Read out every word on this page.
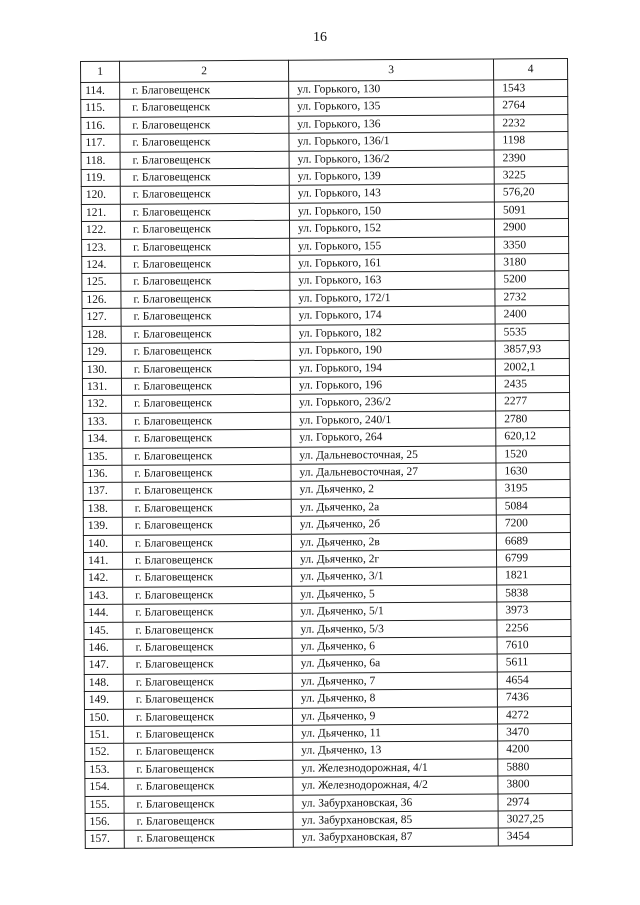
16
1	2	3	4
114.	г. Благовещенск	ул. Горького, 130	1543
115.	г. Благовещенск	ул. Горького, 135	2764
116.	г. Благовещенск	ул. Горького, 136	2232
117.	г. Благовещенск	ул. Горького, 136/1	1198
118.	г. Благовещенск	ул. Горького, 136/2	2390
119.	г. Благовещенск	ул. Горького, 139	3225
120.	г. Благовещенск	ул. Горького, 143	576,20
121.	г. Благовещенск	ул. Горького, 150	5091
122.	г. Благовещенск	ул. Горького, 152	2900
123.	г. Благовещенск	ул. Горького, 155	3350
124.	г. Благовещенск	ул. Горького, 161	3180
125.	г. Благовещенск	ул. Горького, 163	5200
126.	г. Благовещенск	ул. Горького, 172/1	2732
127.	г. Благовещенск	ул. Горького, 174	2400
128.	г. Благовещенск	ул. Горького, 182	5535
129.	г. Благовещенск	ул. Горького, 190	3857,93
130.	г. Благовещенск	ул. Горького, 194	2002,1
131.	г. Благовещенск	ул. Горького, 196	2435
132.	г. Благовещенск	ул. Горького, 236/2	2277
133.	г. Благовещенск	ул. Горького, 240/1	2780
134.	г. Благовещенск	ул. Горького, 264	620,12
135.	г. Благовещенск	ул. Дальневосточная, 25	1520
136.	г. Благовещенск	ул. Дальневосточная, 27	1630
137.	г. Благовещенск	ул. Дьяченко, 2	3195
138.	г. Благовещенск	ул. Дьяченко, 2а	5084
139.	г. Благовещенск	ул. Дьяченко, 2б	7200
140.	г. Благовещенск	ул. Дьяченко, 2в	6689
141.	г. Благовещенск	ул. Дьяченко, 2г	6799
142.	г. Благовещенск	ул. Дьяченко, 3/1	1821
143.	г. Благовещенск	ул. Дьяченко, 5	5838
144.	г. Благовещенск	ул. Дьяченко, 5/1	3973
145.	г. Благовещенск	ул. Дьяченко, 5/3	2256
146.	г. Благовещенск	ул. Дьяченко, 6	7610
147.	г. Благовещенск	ул. Дьяченко, 6а	5611
148.	г. Благовещенск	ул. Дьяченко, 7	4654
149.	г. Благовещенск	ул. Дьяченко, 8	7436
150.	г. Благовещенск	ул. Дьяченко, 9	4272
151.	г. Благовещенск	ул. Дьяченко, 11	3470
152.	г. Благовещенск	ул. Дьяченко, 13	4200
153.	г. Благовещенск	ул. Железнодорожная, 4/1	5880
154.	г. Благовещенск	ул. Железнодорожная, 4/2	3800
155.	г. Благовещенск	ул. Забурхановская, 36	2974
156.	г. Благовещенск	ул. Забурхановская, 85	3027,25
157.	г. Благовещенск	ул. Забурхановская, 87	3454
